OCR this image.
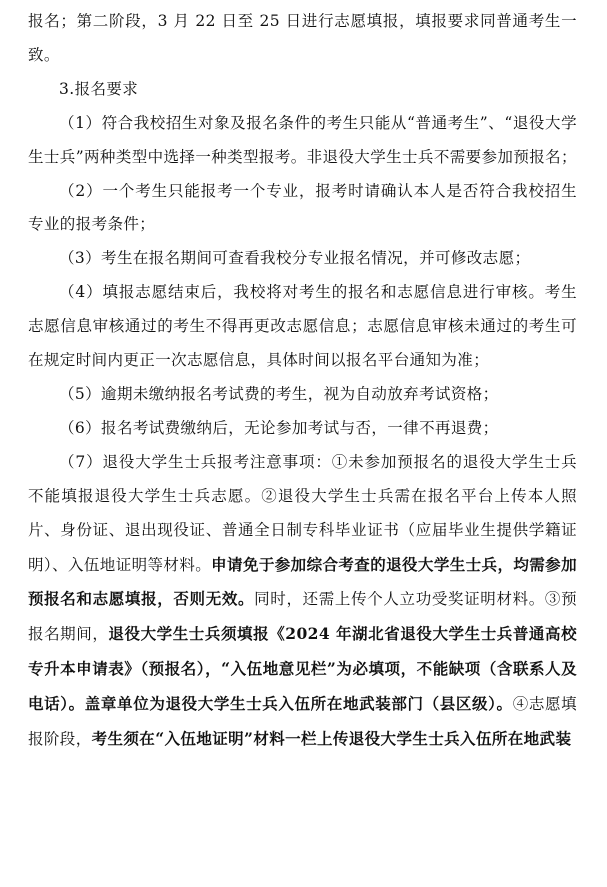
报名；第二阶段，3 月 22 日至 25 日进行志愿填报，填报要求同普通考生一致。

3.报名要求

（1）符合我校招生对象及报名条件的考生只能从“普通考生”、“退役大学生士兵”两种类型中选择一种类型报考。非退役大学生士兵不需要参加预报名；

（2）一个考生只能报考一个专业，报考时请确认本人是否符合我校招生专业的报考条件；

（3）考生在报名期间可查看我校分专业报名情况，并可修改志愿；

（4）填报志愿结束后，我校将对考生的报名和志愿信息进行审核。考生志愿信息审核通过的考生不得再更改志愿信息；志愿信息审核未通过的考生可在规定时间内更正一次志愿信息，具体时间以报名平台通知为准；

（5）逾期未缴纳报名考试费的考生，视为自动放弃考试资格；

（6）报名考试费缴纳后，无论参加考试与否，一律不再退费；

（7）退役大学生士兵报考注意事项：①未参加预报名的退役大学生士兵不能填报退役大学生士兵志愿。②退役大学生士兵需在报名平台上传本人照片、身份证、退出现役证、普通全日制专科毕业证书（应届毕业生提供学籍证明）、入伍地证明等材料。申请免于参加综合考查的退役大学生士兵，均需参加预报名和志愿填报，否则无效。同时，还需上传个人立功受奖证明材料。③预报名期间，退役大学生士兵须填报《2024 年湖北省退役大学生士兵普通高校专升本申请表》（预报名），“入伍地意见栏”为必填项，不能缺项（含联系人及电话）。盖章单位为退役大学生士兵入伍所在地武装部门（县区级）。④志愿填报阶段，考生须在“入伍地证明”材料一栏上传退役大学生士兵入伍所在地武装
